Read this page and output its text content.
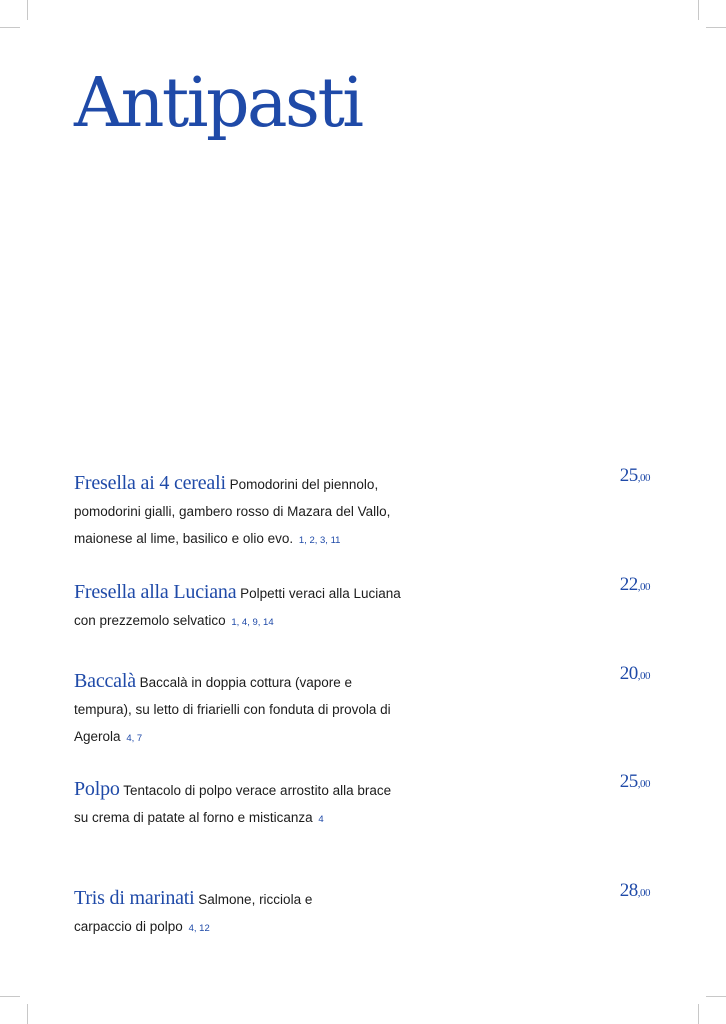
Antipasti
Fresella ai 4 cereali Pomodorini del piennolo, pomodorini gialli, gambero rosso di Mazara del Vallo, maionese al lime, basilico e olio evo. 1, 2, 3, 11
25,00
Fresella alla Luciana Polpetti veraci alla Luciana con prezzemolo selvatico 1, 4, 9, 14
22,00
Baccalà Baccalà in doppia cottura (vapore e tempura), su letto di friarielli con fonduta di provola di Agerola 4, 7
20,00
Polpo Tentacolo di polpo verace arrostito alla brace su crema di patate al forno e misticanza 4
25,00
Tris di marinati Salmone, ricciola e carpaccio di polpo 4, 12
28,00
